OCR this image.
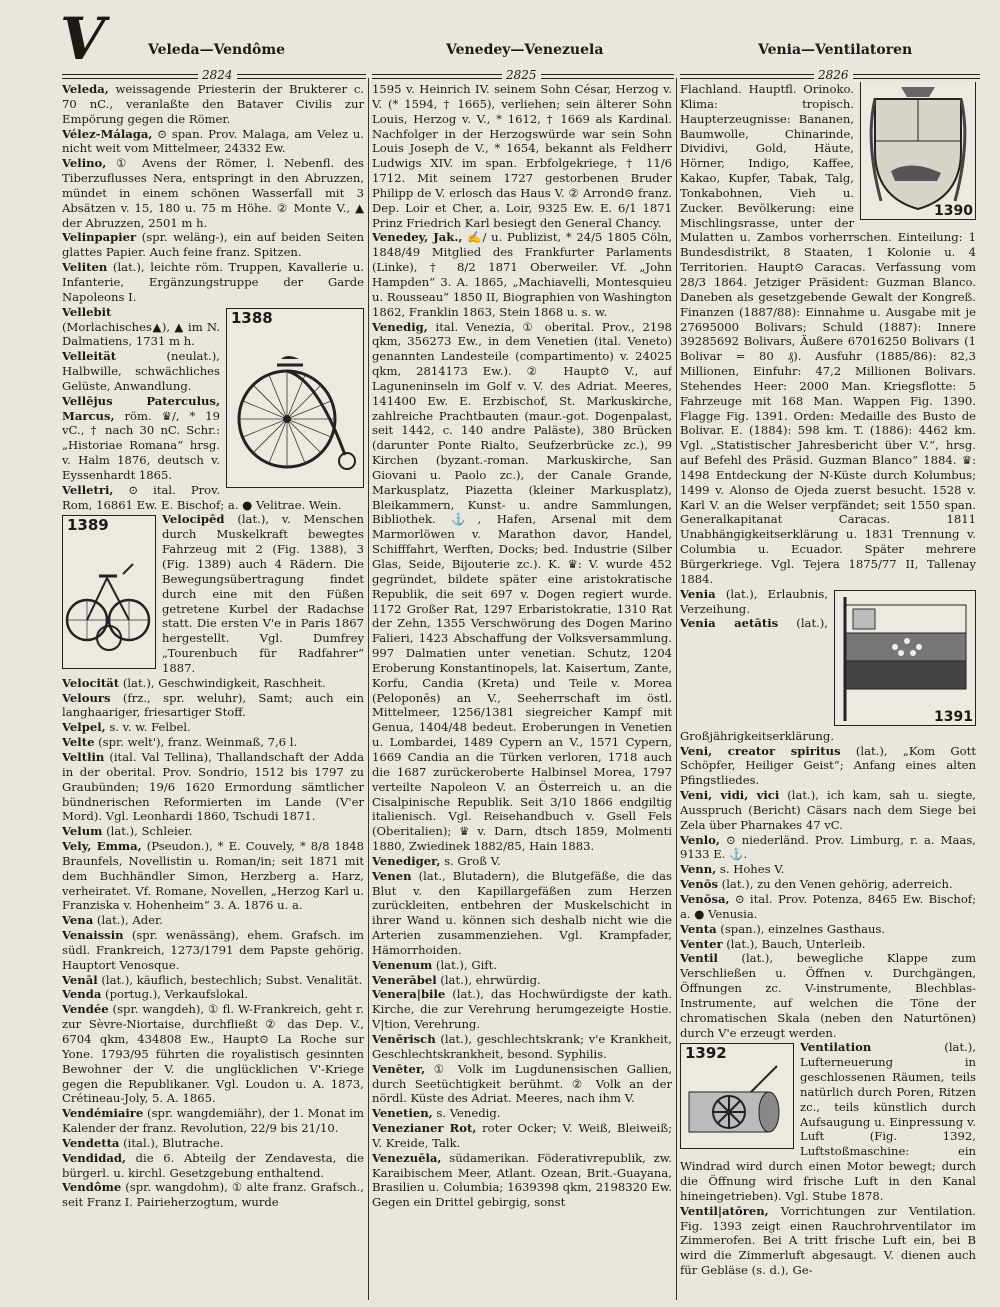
V	Veleda—Vendôme	Venedey—Venezuela	Venia—Ventilatoren
2824	2825	2826

Veleda, weissagende Priesterin der Brukterer c. 70 nC., veranlaßte den Bataver Civilis zur Empörung gegen die Römer.

Vélez-Málaga, ⊙ span. Prov. Malaga, am Velez u. nicht weit vom Mittelmeer, 24332 Ew.

Velino, ① Avens der Römer, l. Nebenfl. des Tiberzuflusses Nera, entspringt in den Abruzzen, mündet in einem schönen Wasserfall mit 3 Absätzen v. 15, 180 u. 75 m Höhe. ② Monte V., ▲ der Abruzzen, 2501 m h.

Velinpapier (spr. weläng-), ein auf beiden Seiten glattes Papier. Auch feine franz. Spitzen.

Veliten (lat.), leichte röm. Truppen, Kavallerie u. Infanterie, Ergänzungstruppe der Garde Napoleons I.

1388

Vellebit (Morlachisches▲), ▲ im N. Dalmatiens, 1731 m h.

Velleität (neulat.), Halbwille, schwächliches Gelüste, Anwandlung.

Vellējus Paterculus, Marcus, röm. ♛/, * 19 vC., † nach 30 nC. Schr.: „Historiae Romana“ hrsg. v. Halm 1876, deutsch v. Eyssenhardt 1865.

Velletri, ⊙ ital. Prov. Rom, 16861 Ew. E. Bischof; a. ● Velitrae. Wein.

1389	Velocipēd (lat.), v. Menschen durch Muskelkraft bewegtes Fahrzeug mit 2 (Fig. 1388), 3 (Fig. 1389) auch 4 Rädern. Die Bewegungsübertragung findet durch eine mit den Füßen getretene Kurbel der Radachse statt. Die ersten V'e in Paris 1867 hergestellt. Vgl. Dumfrey „Tourenbuch für Radfahrer“ 1887.

Velocität (lat.), Geschwindigkeit, Raschheit.

Velours (frz., spr. weluhr), Samt; auch ein langhaariger, friesartiger Stoff.

Velpel, s. v. w. Felbel.

Velte (spr. welt'), franz. Weinmaß, 7,6 l.

Veltlin (ital. Val Tellina), Thallandschaft der Adda in der oberital. Prov. Sondrio, 1512 bis 1797 zu Graubünden; 19/6 1620 Ermordung sämtlicher bündnerischen Reformierten im Lande (V'er Mord). Vgl. Leonhardi 1860, Tschudi 1871.

Velum (lat.), Schleier.

Vely, Emma, (Pseudon.), * E. Couvely, * 8/8 1848 Braunfels, Novellistin u. Roman/in; seit 1871 mit dem Buchhändler Simon, Herzberg a. Harz, verheiratet. Vf. Romane, Novellen, „Herzog Karl u. Franziska v. Hohenheim“ 3. A. 1876 u. a.

Vena (lat.), Ader.

Venaissin (spr. wenässäng), ehem. Grafsch. im südl. Frankreich, 1273/1791 dem Papste gehörig. Hauptort Venosque.

Venāl (lat.), käuflich, bestechlich; Subst. Venalität.

Venda (portug.), Verkaufslokal.

Vendée (spr. wangdeh), ① fl. W-Frankreich, geht r. zur Sèvre-Niortaise, durchfließt ② das Dep. V., 6704 qkm, 434808 Ew., Haupt⊙ La Roche sur Yone. 1793/95 führten die royalistisch gesinnten Bewohner der V. die unglücklichen V'-Kriege gegen die Republikaner. Vgl. Loudon u. A. 1873, Crétineau-Joly, 5. A. 1865.

Vendémiaire (spr. wangdemiähr), der 1. Monat im Kalender der franz. Revolution, 22/9 bis 21/10.

Vendetta (ital.), Blutrache.

Vendidad, die 6. Abteilg der Zendavesta, die bürgerl. u. kirchl. Gesetzgebung enthaltend.

Vendôme (spr. wangdohm), ① alte franz. Grafsch., seit Franz I. Pairieherzogtum, wurde

1595 v. Heinrich IV. seinem Sohn César, Herzog v. V. (* 1594, † 1665), verliehen; sein älterer Sohn Louis, Herzog v. V., * 1612, † 1669 als Kardinal. Nachfolger in der Herzogswürde war sein Sohn Louis Joseph de V., * 1654, bekannt als Feldherr Ludwigs XIV. im span. Erbfolgekriege, † 11/6 1712. Mit seinem 1727 gestorbenen Bruder Philipp de V. erlosch das Haus V. ② Arrond⊙ franz. Dep. Loir et Cher, a. Loir, 9325 Ew. E. 6/1 1871 Prinz Friedrich Karl besiegt den General Chancy.

Venedey, Jak., ✍/ u. Publizist, * 24/5 1805 Cöln, 1848/49 Mitglied des Frankfurter Parlaments (Linke), † 8/2 1871 Oberweiler. Vf. „John Hampden“ 3. A. 1865, „Machiavelli, Montesquieu u. Rousseau“ 1850 II, Biographien von Washington 1862, Franklin 1863, Stein 1868 u. s. w.

Venedig, ital. Venezia, ① oberital. Prov., 2198 qkm, 356273 Ew., in dem Venetien (ital. Veneto) genannten Landesteile (compartimento) v. 24025 qkm, 2814173 Ew.). ② Haupt⊙ V., auf Laguneninseln im Golf v. V. des Adriat. Meeres, 141400 Ew. E. Erzbischof, St. Markuskirche, zahlreiche Prachtbauten (maur.-got. Dogenpalast, seit 1442, c. 140 andre Paläste), 380 Brücken (darunter Ponte Rialto, Seufzerbrücke zc.), 99 Kirchen (byzant.-roman. Markuskirche, San Giovani u. Paolo zc.), der Canale Grande, Markusplatz, Piazetta (kleiner Markusplatz), Bleikammern, Kunst- u. andre Sammlungen, Bibliothek. ⚓, Hafen, Arsenal mit dem Marmorlöwen v. Marathon davor, Handel, Schifffahrt, Werften, Docks; bed. Industrie (Silber Glas, Seide, Bijouterie zc.). K. ♛: V. wurde 452 gegründet, bildete später eine aristokratische Republik, die seit 697 v. Dogen regiert wurde. 1172 Großer Rat, 1297 Erbaristokratie, 1310 Rat der Zehn, 1355 Verschwörung des Dogen Marino Falieri, 1423 Abschaffung der Volksversammlung. 997 Dalmatien unter venetian. Schutz, 1204 Eroberung Konstantinopels, lat. Kaisertum, Zante, Korfu, Candia (Kreta) und Teile v. Morea (Peloponēs) an V., Seeherrschaft im östl. Mittelmeer, 1256/1381 siegreicher Kampf mit Genua, 1404/48 bedeut. Eroberungen in Venetien u. Lombardei, 1489 Cypern an V., 1571 Cypern, 1669 Candia an die Türken verloren, 1718 auch die 1687 zurückeroberte Halbinsel Morea, 1797 verteilte Napoleon V. an Österreich u. an die Cisalpinische Republik. Seit 3/10 1866 endgiltig italienisch. Vgl. Reisehandbuch v. Gsell Fels (Oberitalien); ♛ v. Darn, dtsch 1859, Molmenti 1880, Zwiedinek 1882/85, Hain 1883.

Venediger, s. Groß V.

Venen (lat., Blutadern), die Blutgefäße, die das Blut v. den Kapillargefäßen zum Herzen zurückleiten, entbehren der Muskelschicht in ihrer Wand u. können sich deshalb nicht wie die Arterien zusammenziehen. Vgl. Krampfader, Hämorrhoiden.

Venenum (lat.), Gift.

Venerābel (lat.), ehrwürdig.

Venera|bile (lat.), das Hochwürdigste der kath. Kirche, die zur Verehrung herumgezeigte Hostie. V|tion, Verehrung.

Venērisch (lat.), geschlechtskrank; v'e Krankheit, Geschlechtskrankheit, besond. Syphilis.

Venēter, ① Volk im Lugdunensischen Gallien, durch Seetüchtigkeit berühmt. ② Volk an der nördl. Küste des Adriat. Meeres, nach ihm V.

Venetien, s. Venedig.

Venezianer Rot, roter Ocker; V. Weiß, Bleiweiß; V. Kreide, Talk.

Venezuēla, südamerikan. Föderativrepublik, zw. Karaibischem Meer, Atlant. Ozean, Brit.-Guayana, Brasilien u. Columbia; 1639398 qkm, 2198320 Ew. Gegen ein Drittel gebirgig, sonst

1390

Flachland. Hauptfl. Orinoko. Klima: tropisch. Haupterzeugnisse: Bananen, Baumwolle, Chinarinde, Dividivi, Gold, Häute, Hörner, Indigo, Kaffee, Kakao, Kupfer, Tabak, Talg, Tonkabohnen, Vieh u. Zucker. Bevölkerung: eine Mischlingsrasse, unter der Mulatten u. Zambos vorherrschen. Einteilung: 1 Bundesdistrikt, 8 Staaten, 1 Kolonie u. 4 Territorien. Haupt⊙ Caracas. Verfassung vom 28/3 1864. Jetziger Präsident: Guzman Blanco. Daneben als gesetzgebende Gewalt der Kongreß. Finanzen (1887/88): Einnahme u. Ausgabe mit je 27695000 Bolivars; Schuld (1887): Innere 39285692 Bolivars, Äußere 67016250 Bolivars (1 Bolivar = 80 ₰). Ausfuhr (1885/86): 82,3 Millionen, Einfuhr: 47,2 Millionen Bolivars. Stehendes Heer: 2000 Man. Kriegsflotte: 5 Fahrzeuge mit 168 Man. Wappen Fig. 1390. Flagge Fig. 1391. Orden: Medaille des Busto de Bolivar. E. (1884): 598 km. T. (1886): 4462 km. Vgl. „Statistischer Jahresbericht über V.“, hrsg. auf Befehl des Präsid. Guzman Blanco“ 1884. ♛: 1498 Entdeckung der N-Küste durch Kolumbus; 1499 v. Alonso de Ojeda zuerst besucht. 1528 v. Karl V. an die Welser verpfändet; seit 1550 span. Generalkapitanat Caracas. 1811 Unabhängigkeitserklärung u. 1831 Trennung v. Columbia u. Ecuador. Später mehrere Bürgerkriege. Vgl. Tejera 1875/77 II, Tallenay 1884.

1391

Venia (lat.), Erlaubnis, Verzeihung.

Venia aetātis (lat.), Großjährigkeitserklärung.

Veni, creator spiritus (lat.), „Kom Gott Schöpfer, Heiliger Geist“; Anfang eines alten Pfingstliedes.

Veni, vidi, vici (lat.), ich kam, sah u. siegte, Ausspruch (Bericht) Cäsars nach dem Siege bei Zela über Pharnakes 47 vC.

Venlo, ⊙ niederländ. Prov. Limburg, r. a. Maas, 9133 E. ⚓.

Venn, s. Hohes V.

Venōs (lat.), zu den Venen gehörig, aderreich.

Venōsa, ⊙ ital. Prov. Potenza, 8465 Ew. Bischof; a. ● Venusia.

Venta (span.), einzelnes Gasthaus.

Venter (lat.), Bauch, Unterleib.

Ventil (lat.), bewegliche Klappe zum Verschließen u. Öffnen v. Durchgängen, Öffnungen zc. V-instrumente, Blechblas-Instrumente, auf welchen die Töne der chromatischen Skala (neben den Naturtönen) durch V'e erzeugt werden.

1392	Ventilation (lat.), Lufterneuerung in geschlossenen Räumen, teils natürlich durch Poren, Ritzen zc., teils künstlich durch Aufsaugung u. Einpressung v. Luft (Fig. 1392, Luftstoßmaschine: ein Windrad wird durch einen Motor bewegt; durch die Öffnung wird frische Luft in den Kanal hineingetrieben). Vgl. Stube 1878.

Ventil|atōren, Vorrichtungen zur Ventilation. Fig. 1393 zeigt einen Rauchrohrventilator im Zimmerofen. Bei A tritt frische Luft ein, bei B wird die Zimmerluft abgesaugt. V. dienen auch für Gebläse (s. d.), Ge-
